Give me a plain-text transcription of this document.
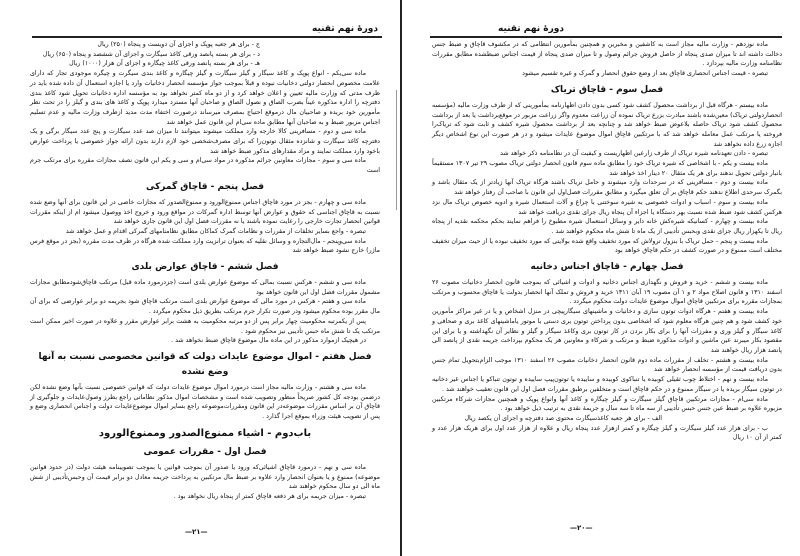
دورهٔ نهم تقنیه
ج - برای هر جعبه پوپک و اجزای آن دویست و پنجاه (۲۵۰) ریال
د - برای هر بسته پانصد ورقی کاغذ سیگارت و اجزای آن ششصد و پنجاه (۶۵۰) ریال
هـ - برای هر بسته پانصد ورقی کاغذ چیگاره و اجزای آن هزار (۱۰۰۰) ریال
ماده سی‌یکم - انواع پوپک و کاغذ سیگار و گیلز سیگارت و گیلز چیگاره و کاغذ بندی سیگرت و چیگره موجودی تجار که دارای علامت مخصوص انحصار دولتی دخانیات نبوده و قبلاً بموجب جواز مؤسسه انحصار دخانیات وارد یا اجازه استعمال آن داده شده باید در ظرف مدتی که وزارت مالیه تعیین و اعلان خواهد کرد و از دو ماه کمتر نخواهد بود به مؤسسه اداره دخانیات تحویل شود کاغذ بندی دفترچه را اداره مذکوره عیناً بضرب الصاق و نصول الصاق و صاحبان آنها مسترد میدارد پوپک و کاغذ های بندی و گیلز را در تحت نظر مأمورین خود بریده و صاحبیان مال درموقع احتیاج بمصرف میرساند درصورت اختفاء مدت مدید ازطرف وزارت مالیه و عدم تسلیم اجناس مزبور ضبط و به صاحبان آنها مطابق ماده سی‌ام این قانون عمل خواهد شد
ماده سی و دوم - مسافرینی کالا خارجه وارد مملکت میشوند میتوانند تا میزان صد عدد سیگارت و پنج عدد سیگار برگی و یک دفترچه کاغذ سیگارت و شانزده مثقال توتون‌را که برای مصرف‌شخصی خود لازم دارند بدون ارائه جواز خصوصی یا پرداخت عوارض باخود وارد مملکت نمایند و مزاد مقدارهای مذکور ضبط خواهد شد
ماده سی و سوم - مجازات معاونین جرائم مذکوره در مواد سی‌ام و سی و یکم این قانون نصف مجازات مقرره برای مرتکب جرم است
فصل پنجم - قاچاق گمرکی
ماده سی و چهارم - بجز در مورد قاچاق اجناس ممنوع‌الورود و ممنوع‌الصدور که مجازات خاصی در این قانون برای آنها وضع شده نسبت به قاچاق اجناسی که حقوق و عوارض آنها توسط اداره گمرکات در مواقع ورود و خروج اخذ ووصول میشود ام از اینکه مقررات قوانین انحصار تجارت خارجی را رعایت نموده باشند یا نه مقررات فصل اول این قانون جاری خواهد شد
تبصره - واجع بسایر تخلفات از مقررات و نظامات گمرک کماکان مطابق نظامنامهای گمرکی اقدام و عمل خواهد شد
ماده سی‌وپنجم - مال‌التجاره و وسائل نقلیه که بعنوان ترانزیت وارد مملکت شده هرگاه در ظرف مدت مقرره (بجز در موقع فرس ماژر) خارج نشود ضبط خواهد شد
فصل ششم - قاچاق عوارض بلدی
ماده سی و ششم - هرکس نسبت بمالی که موضوع عوارض بلدی است (جزدرمورد ماده قبل) مرتکب قاچاق‌شودمطابق مجازات مشمول مقررات فصل اول این قانون خواهد بود
ماده سی و هفتم - هرکس در مورد مالی که موضوع عوارض بلدی است مرتکب قاچاق شود بجریمه دو برابر عوارضی که برای آن مال مقرر بوده محکوم میشود ودر صورت تکرار جرم مرتکب بطریق ذیل محکوم میگردد .
پس از یکمرتبه محکومیت چهار برابر پس از دو مرتبه محکومیت به هشت برابر عوارض مقرر و علاوه در صورت اخیر ممکن است مرتکب یک تا شش ماه حبس تأدیبی نیز محکوم شود .
در هیچیک ازموارد مذکور در این ماده مال موضوع قاچاق ضبط نخواهد شد .
فصل هفتم - اموال موضوع عایدات دولت که قوانین مخصوصی نسبت به آنها وضع نشده
ماده سی و هشتم - وزارت مالیه مجاز است درمورد اموال موضوع عایدات دولت که قوانین خصوصی نسبت بآنها وضع نشده لکن درضمن بودجه کل کشور صریحاً منظور وتصویب شده است و مشخصات اموال مذکور نظاماتی راجع بطرز وصول‌عایدات و جلوگیری از قاچاق آن بر اساس مقررات موضوعه‌در این قانون ومقررات‌موضوعه راجع بسایر اموال موضوع‌عایدات دولت و اجناس انحصاری وضع و پس از تصویب هیئت وزراء بموقع اجرا گذارد .
باب‌دوم - اشیاء ممنوع‌الصدور وممنوع‌الورود
فصل اول - مقررات عمومی
ماده سی و نهم - درمورد قاچاق اشیائی‌که ورود یا صدور آن بموجب قوانین یا بموجب تصویبنامه هیئت دولت (در حدود قوانین موضوعه) ممنوع و یا بعنوان انحصار وارد علاوه بر ضبط مال مرتکبین به پرداخت جریمه معادل دو برابر قیمت آن وحبس‌تأدیبی از شش ماه الی دو سال محکوم خواهند شد
تبصره - میزان جریمه برای هر دفعه قاچاق کمتر از پنجاه ریال نخواهد بود .
—۲۱—
دورهٔ نهم تقنیه
ماده نوزدهم - وزارت مالیه مجاز است به کاشفین و مخبرین و همچنین بمأمورین انتظامی که در مکشوف قاچاق و ضبط جنس دخالت داشته اند تا میزان صدی پنجاه از حاصل فروش جرائم وصول و تا میزان صدی پنجاه از قیمت اجناس ضبطشده مطابق مقررات نظامنامه وزارت مالیه بپردازد .
تبصره - قیمت اجناس انحصاری قاچاق بعد از وضع حقوق انحصار و گمرک و غیره تقسیم میشود
فصل سوم - قاچاق تریاک
ماده بیستم - هرگاه قبل از برداشت محصول کشف شود کسی بدون دادن اظهارنامه بمأمورینی که از طرف وزارت مالیه (مؤسسه انحصاردولتی تریاک) معین‌شده باشند مبادرت بزرع تریاک نموده آن زراعت معدوم واگر زراعت مزبور در موقع‌برداشت یا بعد از برداشت محصول کشف شود تریاک حاصله بلاعوض ضبط خواهد شد و چنانچه بعد از برداشت محصول شیره کشف و ثابت شود که تریاک‌را فروخته یا مرتکب عمل معامله خواهد شد که با مرتکبین قاچاق اموال موضوع عایدات میشود و در هر صورت این نوع اشخاص دیگر اجازه زرع داده نخواهد شد
تبصره - دادن تعهدنامه شیره تریاک از طرف زارعین اظهاریست و کیفیت آن در نظامنامه ذکر خواهد شد
ماده بیست و یکم - با اشخاصی که شیره تریاک خود را مطابق ماده سوم قانون انحصار دولتی تریاک مصوب ۲۹ تیر ۱۳۰۷ مستقیماً بانبار دولتی تحویل ندهند برای هر یک مثقال ۲۰ دینار اخذ خواهد شد
ماده بیست و دوم - مسافرینی که در سرحدات وارد میشوند و حامل تریاک باشند هرگاه تریاک آنها زیادتر از یک مثقال باشد و بگمرک سرحدی اطلاع ندهند حکم قاچاق بر آن تعلق میگیرد و مطابق مقررات فصل‌اول این قانون با صاحب آن رفتار خواهد شد
ماده بیست و سوم - اسباب و ادوات خصوصی به شیره سوختنی با چراغ و آلات استعمال شیره و ادویه خصوص تریاک مال نزد هرکس کشف شود ضبط شده نسبت بهر دستگاه یا اجزاء آن پنجاه ریال جزای نقدی دریافت خواهد شد
ماده بیست و چهارم - کسانیکه شیره‌کش خانه دایر و وسائل استعمال شیره مطبوخ را فراهم نمایند بحکم محکمه نقدیه از پنجاه ریال تا یکهزار ریال جزای نقدی وبحبس تأدیبی از یک ماه تا شش ماه محکوم خواهند شد .
ماده بیست و پنجم - حمل تریاک با بنزول ترولاش که مورد تخفیف واقع شده بولایتی که مورد تخفیف نبوده یا از حیث میزان تخفیف مختلف است ممنوع و در صورت کشف در حکم قاچاق خواهد بود
فصل چهارم - قاچاق اجناس دخانیه
ماده بیست و ششم - خرید و فروش و نگهداری اجناس دخانیه و ادوات و اشیائی که بموجب قانون انحصار دخانیات مصوب ۲۶ اسفند ۱۳۱۰ و قانون اصلاح مواد ۲ و ۱ آن مصوب ۱۹ آبان ۱۳۱۱ خرید و فروش و تملک آنها انحصار بدولت یا قاچاق محسوب و مرتکب بمجازات مقرره برای مرتکبین قاچاق اموال موضوع عایدات دولت محکوم میگردد .
ماده بیست و هفتم - هرگاه ادوات توتون سازی و دخانیات و ماشینهای سیگارپیچی در منزل اشخاص و یا در غیر مراکز مأمورین خود کشف شود و هم چنین هرگاه معلوم شود که اشخاصی بدون پرداختن توتون بری دستی یا موتور یاماشینهای کاغذ بری و صحافی و کاغذ سیگار و گیلز وری و مفرزات آنها را برای بکار بردن در کار توتون بری وکاغذ سیگار و گیلز و نظایر آن نگهداشته و یا برای این مقصود بکار میبرند عین ماشین و ادوات مذکوره ضبط و مرتکب و شرکاء و معاونین هر یک محکوم بپرداخت جریمه نقدی از پانصد الی پانصد هزار ریال خواهند شد
ماده بیست و هشتم - تخلف از مقررات ماده دوم قانون انحصار دخانیات مصوب ۲۶ اسفند ۱۳۱۰ موجب الزام‌بتحویل تمام جنس بدون دریافت قیمت از مؤسسه انحصار خواهد شد
ماده بیست و نهم - اختلاط چوب ثقیلی کوبیده یا تنباکوی کوبیده و ساییده یا توتون‌پیپ ساییده و توتون تنباکو یا اجناس غیر دخانیه در توتون سیگار بریده یا در سیگار ممنوع و در حکم قاچاق است و متخلفین برطبق مقررات فصل اول این قانون تعقیب خواهند شد .
ماده سی‌ام - مجازات مرتکبین قاچاق گیلز سیگارت و گیلز چیگاره و کاغذ آنها وانواع پوپک و همچنین مجازات شرکاء مرتکبین مزبوره علاوه بر ضبط عین جنس حبس تأدیبی از سه ماه تا سه سال و جریمهٔ نقدی به ترتیب ذیل خواهد بود .
الف - برای هر جعبه کاغذسیگارت محتوی صد دفترچه و اجزای آن یکصد ریال
ب - برای هزار عدد گیلز سیگارت و گیلز چیگاره و کمتر ازهزار عدد پنجاه ریال و علاوه از هزار عدد اول برای هریک هزار عدد و کمتر از آن ۱۰ ریال
—۲۰—
